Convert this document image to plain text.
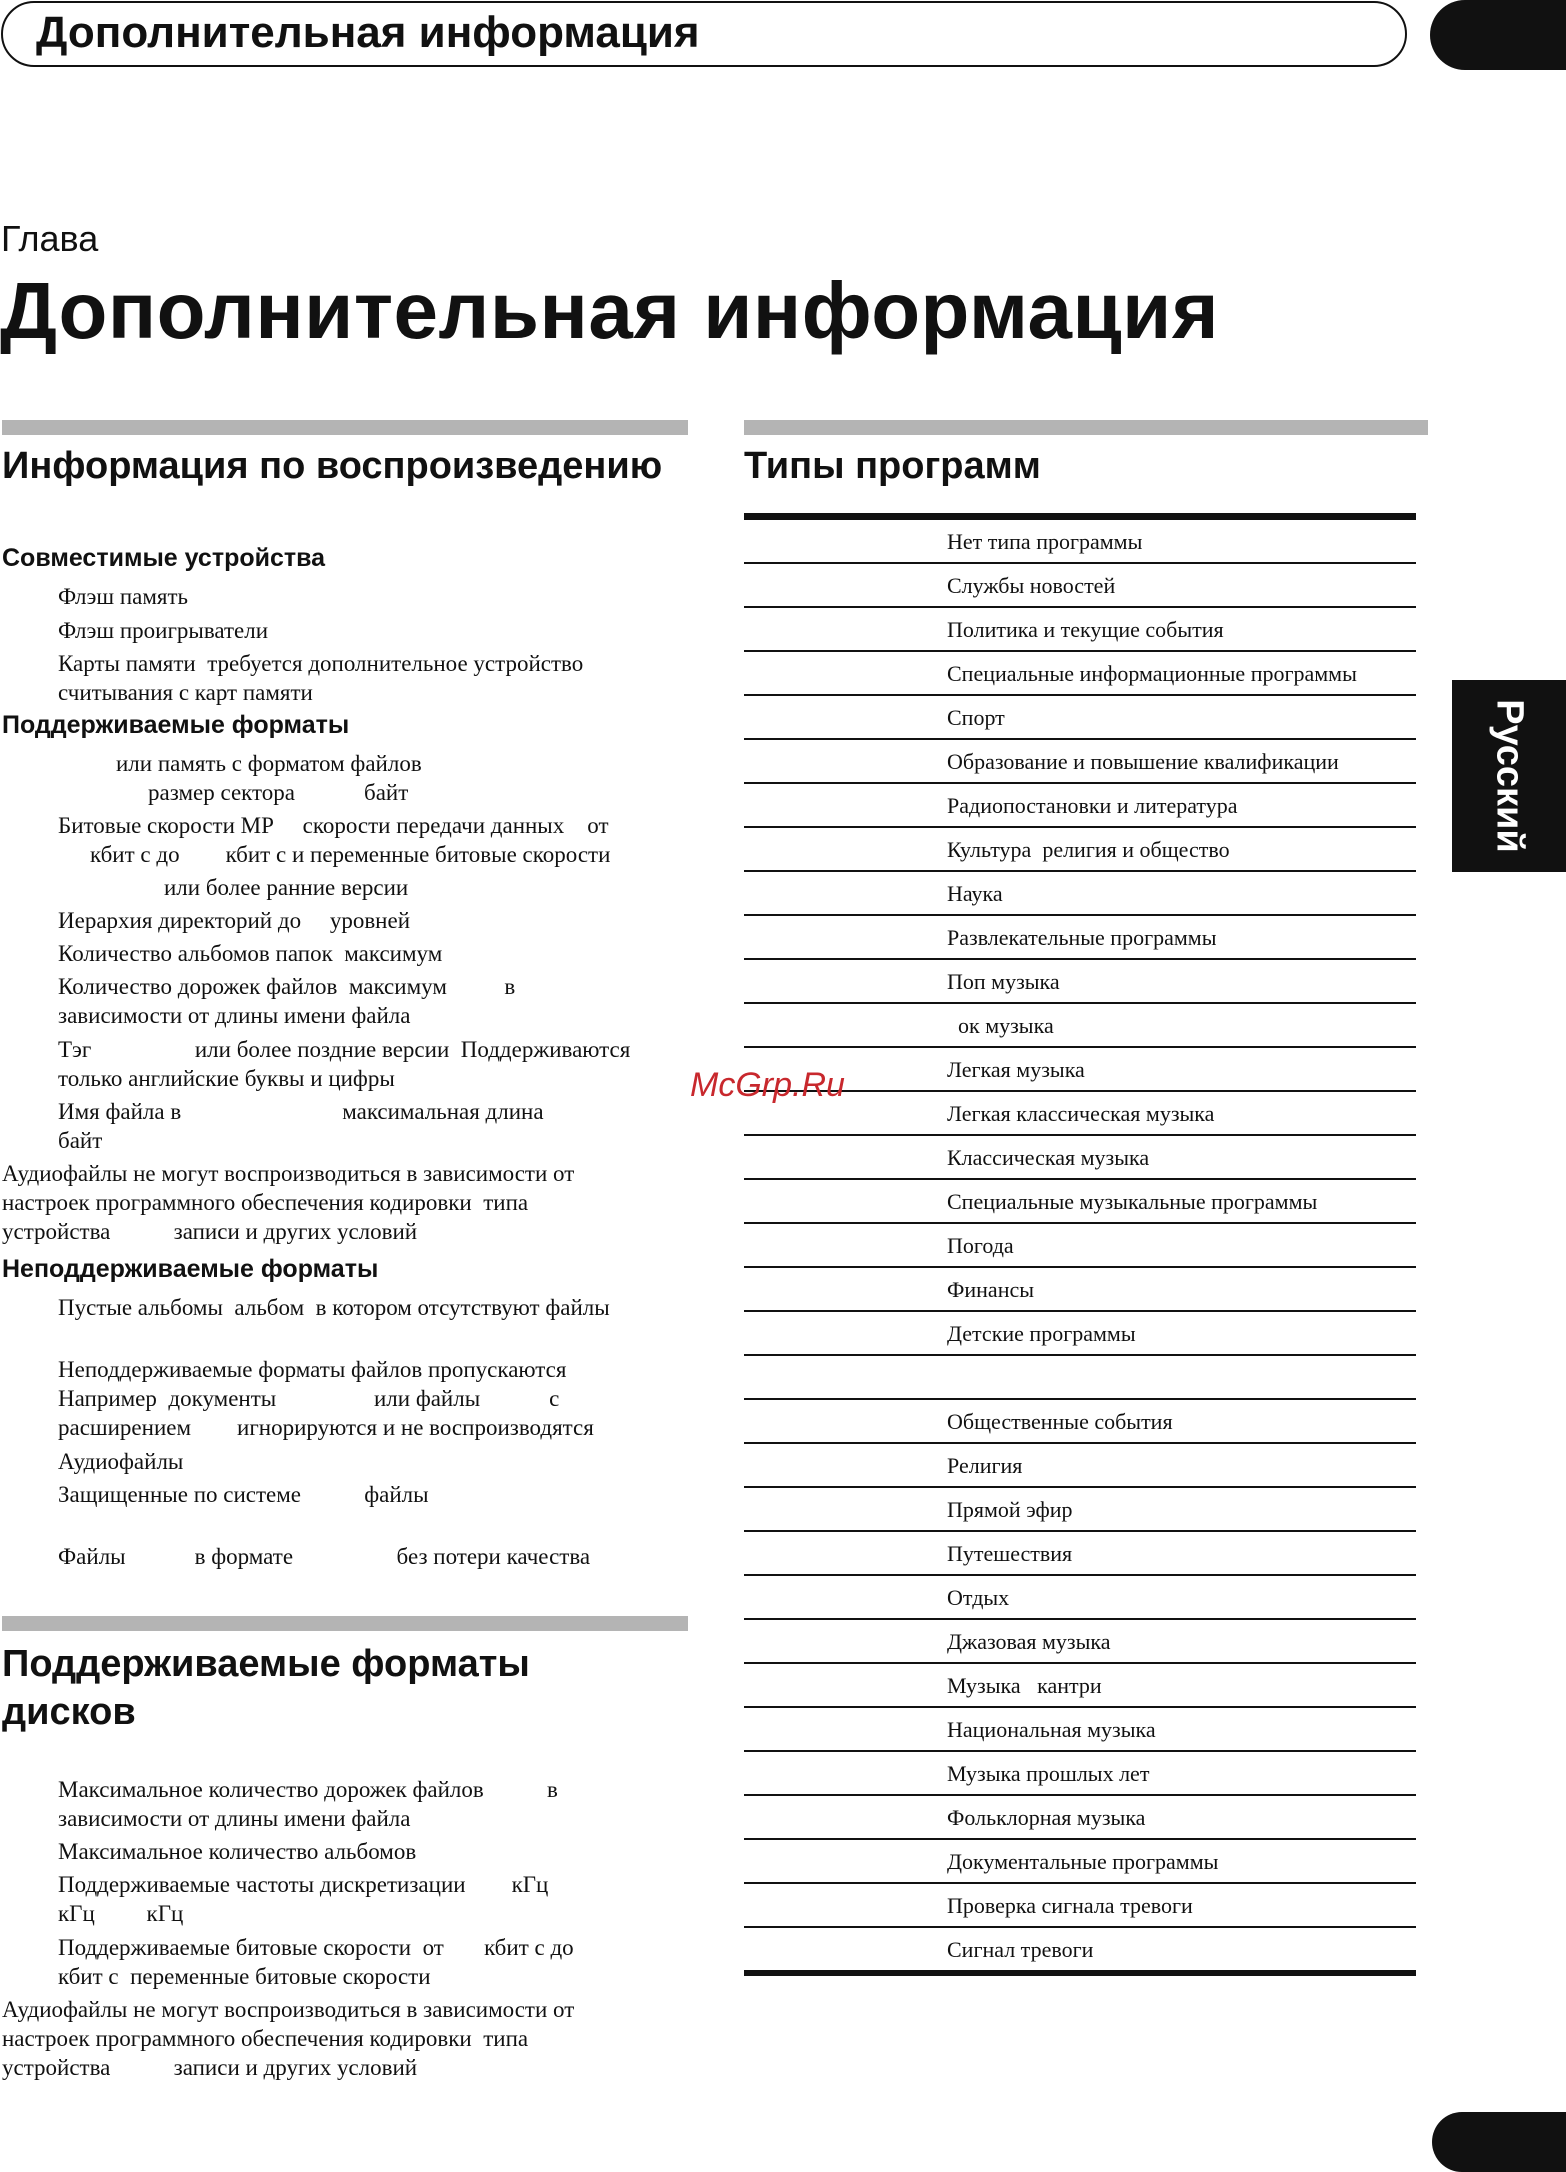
Дополнительная информация
Глава
Дополнительная информация
Информация по воспроизведению
Совместимые устройства
Флэш память
Флэш проигрыватели
Карты памяти  требуется дополнительное устройство
считывания с карт памяти
Поддерживаемые форматы
или память с форматом файлов
размер сектора            байт
Битовые скорости МР     скорости передачи данных    от
кбит с до        кбит с и переменные битовые скорости
или более ранние версии
Иерархия директорий до     уровней
Количество альбомов папок  максимум
Количество дорожек файлов  максимум          в
зависимости от длины имени файла
Тэг                  или более поздние версии  Поддерживаются
только английские буквы и цифры
Имя файла в                            максимальная длина
байт
Аудиофайлы не могут воспроизводиться в зависимости от
настроек программного обеспечения кодировки  типа
устройства           записи и других условий
Неподдерживаемые форматы
Пустые альбомы  альбом  в котором отсутствуют файлы
Неподдерживаемые форматы файлов пропускаются
Например  документы                 или файлы            с
расширением        игнорируются и не воспроизводятся
Аудиофайлы
Защищенные по системе           файлы
Файлы            в формате                  без потери качества
Поддерживаемые форматы
дисков
Максимальное количество дорожек файлов           в
зависимости от длины имени файла
Максимальное количество альбомов
Поддерживаемые частоты дискретизации        кГц
кГц         кГц
Поддерживаемые битовые скорости  от       кбит с до
кбит с  переменные битовые скорости
Аудиофайлы не могут воспроизводиться в зависимости от
настроек программного обеспечения кодировки  типа
устройства           записи и других условий
Типы программ
Нет типа программы
Службы новостей
Политика и текущие события
Специальные информационные программы
Спорт
Образование и повышение квалификации
Радиопостановки и литература
Культура  религия и общество
Наука
Развлекательные программы
Поп музыка
ок музыка
Легкая музыка
Легкая классическая музыка
Классическая музыка
Специальные музыкальные программы
Погода
Финансы
Детские программы
Общественные события
Религия
Прямой эфир
Путешествия
Отдых
Джазовая музыка
Музыка   кантри
Национальная музыка
Музыка прошлых лет
Фольклорная музыка
Документальные программы
Проверка сигнала тревоги
Сигнал тревоги
Русский
McGrp.Ru
